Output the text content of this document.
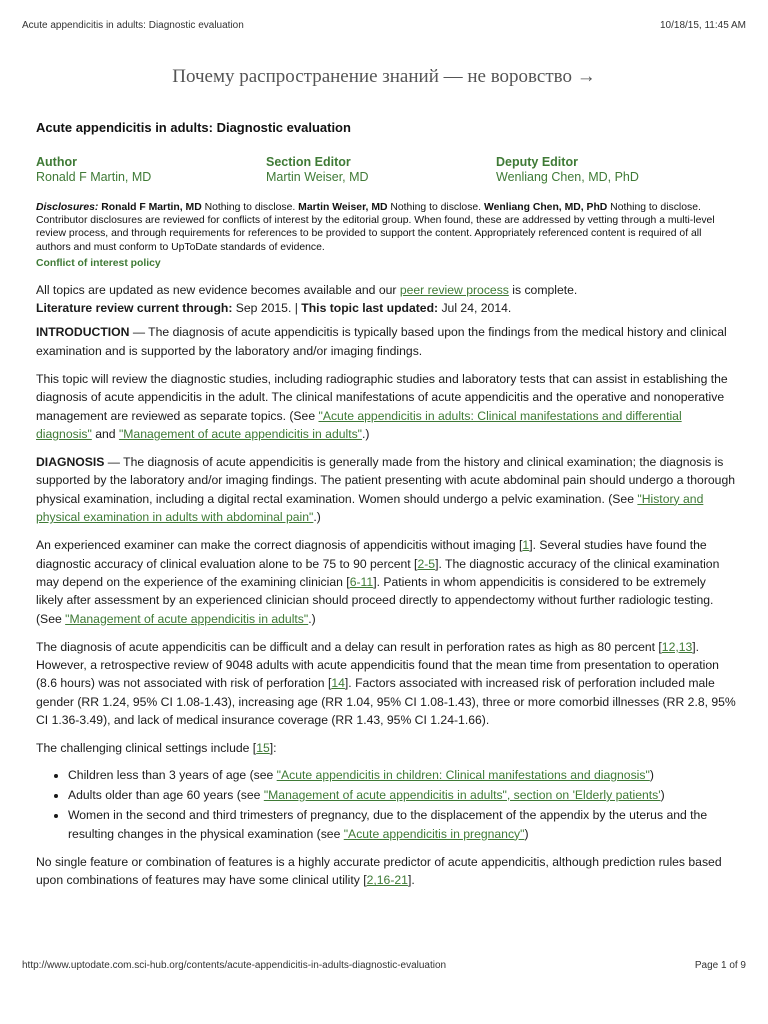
Acute appendicitis in adults: Diagnostic evaluation	10/18/15, 11:45 AM
Почему распространение знаний — не воровство →
Acute appendicitis in adults: Diagnostic evaluation
Author
Ronald F Martin, MD
Section Editor
Martin Weiser, MD
Deputy Editor
Wenliang Chen, MD, PhD
Disclosures: Ronald F Martin, MD Nothing to disclose. Martin Weiser, MD Nothing to disclose. Wenliang Chen, MD, PhD Nothing to disclose.
Contributor disclosures are reviewed for conflicts of interest by the editorial group. When found, these are addressed by vetting through a multi-level review process, and through requirements for references to be provided to support the content. Appropriately referenced content is required of all authors and must conform to UpToDate standards of evidence.
Conflict of interest policy

All topics are updated as new evidence becomes available and our peer review process is complete.
Literature review current through: Sep 2015. | This topic last updated: Jul 24, 2014.

INTRODUCTION — The diagnosis of acute appendicitis is typically based upon the findings from the medical history and clinical examination and is supported by the laboratory and/or imaging findings.

This topic will review the diagnostic studies, including radiographic studies and laboratory tests that can assist in establishing the diagnosis of acute appendicitis in the adult. The clinical manifestations of acute appendicitis and the operative and nonoperative management are reviewed as separate topics. (See "Acute appendicitis in adults: Clinical manifestations and differential diagnosis" and "Management of acute appendicitis in adults".)

DIAGNOSIS — The diagnosis of acute appendicitis is generally made from the history and clinical examination; the diagnosis is supported by the laboratory and/or imaging findings. The patient presenting with acute abdominal pain should undergo a thorough physical examination, including a digital rectal examination. Women should undergo a pelvic examination. (See "History and physical examination in adults with abdominal pain".)

An experienced examiner can make the correct diagnosis of appendicitis without imaging [1]. Several studies have found the diagnostic accuracy of clinical evaluation alone to be 75 to 90 percent [2-5]. The diagnostic accuracy of the clinical examination may depend on the experience of the examining clinician [6-11]. Patients in whom appendicitis is considered to be extremely likely after assessment by an experienced clinician should proceed directly to appendectomy without further radiologic testing. (See "Management of acute appendicitis in adults".)

The diagnosis of acute appendicitis can be difficult and a delay can result in perforation rates as high as 80 percent [12,13]. However, a retrospective review of 9048 adults with acute appendicitis found that the mean time from presentation to operation (8.6 hours) was not associated with risk of perforation [14]. Factors associated with increased risk of perforation included male gender (RR 1.24, 95% CI 1.08-1.43), increasing age (RR 1.04, 95% CI 1.08-1.43), three or more comorbid illnesses (RR 2.8, 95% CI 1.36-3.49), and lack of medical insurance coverage (RR 1.43, 95% CI 1.24-1.66).

The challenging clinical settings include [15]:

• Children less than 3 years of age (see "Acute appendicitis in children: Clinical manifestations and diagnosis")
• Adults older than age 60 years (see "Management of acute appendicitis in adults", section on 'Elderly patients')
• Women in the second and third trimesters of pregnancy, due to the displacement of the appendix by the uterus and the resulting changes in the physical examination (see "Acute appendicitis in pregnancy")

No single feature or combination of features is a highly accurate predictor of acute appendicitis, although prediction rules based upon combinations of features may have some clinical utility [2,16-21].

http://www.uptodate.com.sci-hub.org/contents/acute-appendicitis-in-adults-diagnostic-evaluation	Page 1 of 9
